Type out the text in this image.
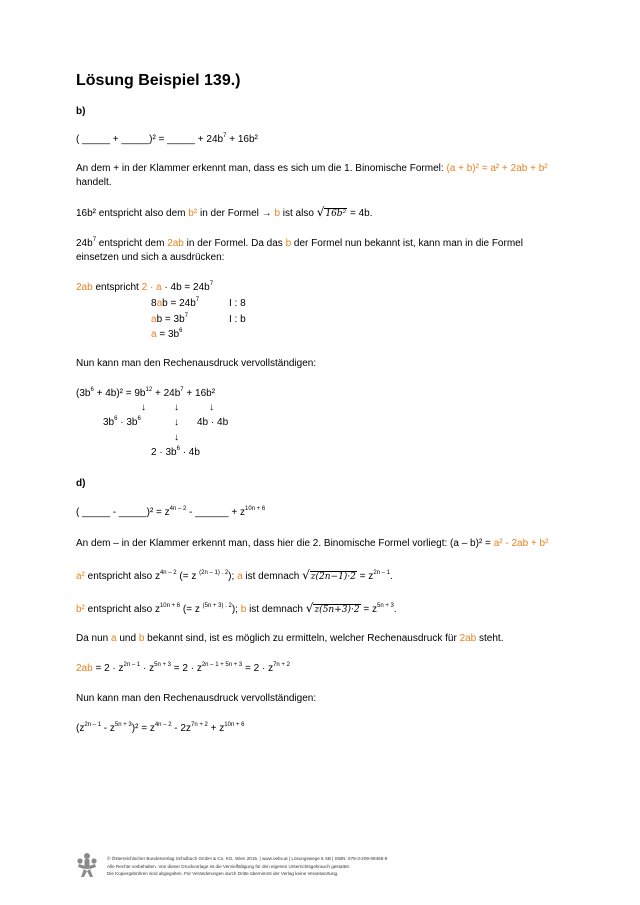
Lösung Beispiel 139.)
b)
( _____ + _____)² = _____ + $24b^7 + 16b^2$
An dem + in der Klammer erkennt man, dass es sich um die 1. Binomische Formel: (a + b)² = a² + 2ab + b²
handelt.
16b² entspricht also dem b² in der Formel → b ist also √16b² = 4b.
$24b^7$ entspricht dem 2ab in der Formel. Da das b der Formel nun bekannt ist, kann man in die Formel
einsetzen und sich a ausdrücken:
2ab entspricht $2 \cdot a \cdot 4b = 24b^7$
$8ab = 24b^7$	I : 8
ab = $3b^7$	I : b
$a = 3b^6$
Nun kann man den Rechenausdruck vervollständigen:
$(3b^6 + 4b)^2 = 9b^{12} + 24b^7 + 16b^2$
↓	↓	↓
$3b^6 \cdot 3b^6$	↓ 4b · 4b
↓
$2 \cdot 3b^6 \cdot 4b$
d)
( _____ - _____)² = $z^{4n - 2}$ - ______ + $z^{10n + 6}$
An dem – in der Klammer erkennt man, dass hier die 2. Binomische Formel vorliegt: (a – b)² = a² - 2ab + b²
a² entspricht also $z^{4n - 2}$ (= z $^{(2n - 1) . 2}$); a ist demnach $√z(2n-1)\cdot 2 = z^{2n - 1}$.
b² entspricht also $z^{10n + 6}$ (= z $^{(5n + 3) . 2}$); b ist demnach $√z(5n+3)\cdot 2 = z^{5n + 3}$.
Da nun a und b bekannt sind, ist es möglich zu ermitteln, welcher Rechenausdruck für 2ab steht.
$2ab = 2 \cdot z^{2n - 1} \cdot z^{5n + 3} = 2 \cdot z^{2n - 1 + 5n + 3} = 2 \cdot z^{7n + 2}$
Nun kann man den Rechenausdruck vervollständigen:
$(z^{2n - 1} - z^{5n + 3})^2 = z^{4n - 2} - 2z^{7n + 2} + z^{10n + 6}$
© Österreichischer Bundesverlag Schulbuch GmbH & Co. KG, Wien 2015. | www.oebv.at | Lösungswege 5 SB | ISBN: 978-3-209-08466-8
Alle Rechte vorbehalten. Von dieser Druckvorlage ist die Vervielfältigung für den eigenen Unterrichtsgebrauch gestattet.
Die Kopiergebühren sind abgegolten. Für Veränderungen durch Dritte übernimmt der Verlag keine Verantwortung.
